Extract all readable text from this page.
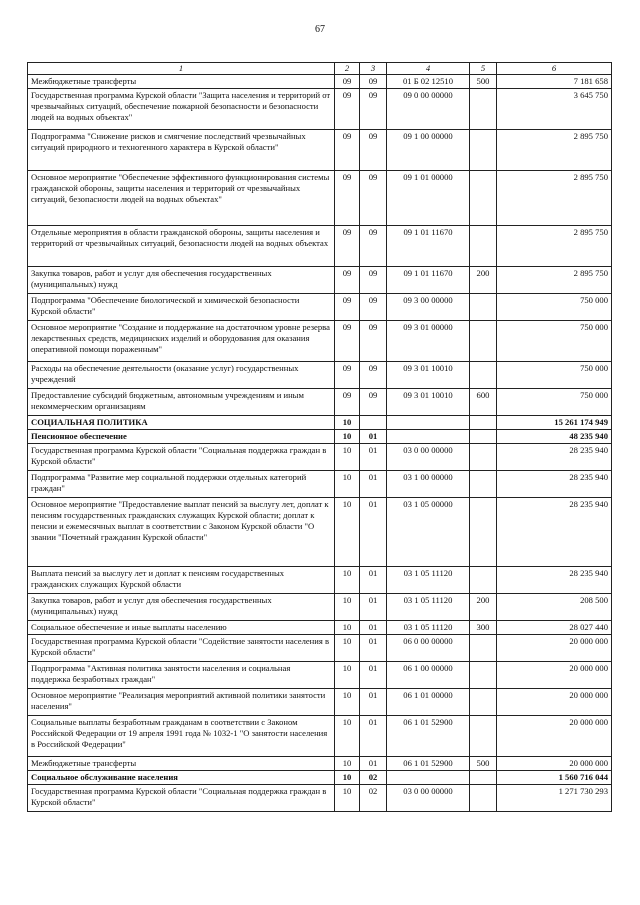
67
1	2	3	4	5	6
Межбюджетные трансферты	09	09	01 Б 02 12510	500	7 181 658
Государственная программа Курской области "Защита населения и территорий от чрезвычайных ситуаций, обеспечение пожарной безопасности и безопасности людей на водных объектах"	09	09	09 0 00 00000		3 645 750
Подпрограмма "Снижение рисков и смягчение последствий чрезвычайных ситуаций природного и техногенного характера в Курской области"	09	09	09 1 00 00000		2 895 750
Основное мероприятие "Обеспечение эффективного функционирования системы гражданской обороны, защиты населения и территорий от чрезвычайных ситуаций, безопасности людей на водных объектах"	09	09	09 1 01 00000		2 895 750
Отдельные мероприятия в области гражданской обороны, защиты населения и территорий от чрезвычайных ситуаций, безопасности людей на водных объектах	09	09	09 1 01 11670		2 895 750
Закупка товаров, работ и услуг для обеспечения государственных (муниципальных) нужд	09	09	09 1 01 11670	200	2 895 750
Подпрограмма "Обеспечение биологической и химической безопасности Курской области"	09	09	09 3 00 00000		750 000
Основное мероприятие "Создание и поддержание на достаточном уровне резерва лекарственных средств, медицинских изделий и оборудования для оказания оперативной помощи пораженным"	09	09	09 3 01 00000		750 000
Расходы на обеспечение деятельности (оказание услуг) государственных учреждений	09	09	09 3 01 10010		750 000
Предоставление субсидий бюджетным, автономным учреждениям и иным некоммерческим организациям	09	09	09 3 01 10010	600	750 000
СОЦИАЛЬНАЯ ПОЛИТИКА	10				15 261 174 949
Пенсионное обеспечение	10	01			48 235 940
Государственная программа Курской области "Социальная поддержка граждан в Курской области"	10	01	03 0 00 00000		28 235 940
Подпрограмма "Развитие мер социальной поддержки отдельных категорий граждан"	10	01	03 1 00 00000		28 235 940
Основное мероприятие "Предоставление выплат пенсий за выслугу лет, доплат к пенсиям государственных гражданских служащих Курской области; доплат к пенсии и ежемесячных выплат в соответствии с Законом Курской области "О звании "Почетный гражданин Курской области"	10	01	03 1 05 00000		28 235 940
Выплата пенсий за выслугу лет и доплат к пенсиям государственных гражданских служащих Курской области	10	01	03 1 05 11120		28 235 940
Закупка товаров, работ и услуг для обеспечения государственных (муниципальных) нужд	10	01	03 1 05 11120	200	208 500
Социальное обеспечение и иные выплаты населению	10	01	03 1 05 11120	300	28 027 440
Государственная программа Курской области "Содействие занятости населения в Курской области"	10	01	06 0 00 00000		20 000 000
Подпрограмма "Активная политика занятости населения и социальная поддержка безработных граждан"	10	01	06 1 00 00000		20 000 000
Основное мероприятие "Реализация мероприятий активной политики занятости населения"	10	01	06 1 01 00000		20 000 000
Социальные выплаты безработным гражданам в соответствии с Законом Российской Федерации от 19 апреля 1991 года № 1032-1 "О занятости населения в Российской Федерации"	10	01	06 1 01 52900		20 000 000
Межбюджетные трансферты	10	01	06 1 01 52900	500	20 000 000
Социальное обслуживание населения	10	02			1 560 716 044
Государственная программа Курской области "Социальная поддержка граждан в Курской области"	10	02	03 0 00 00000		1 271 730 293
